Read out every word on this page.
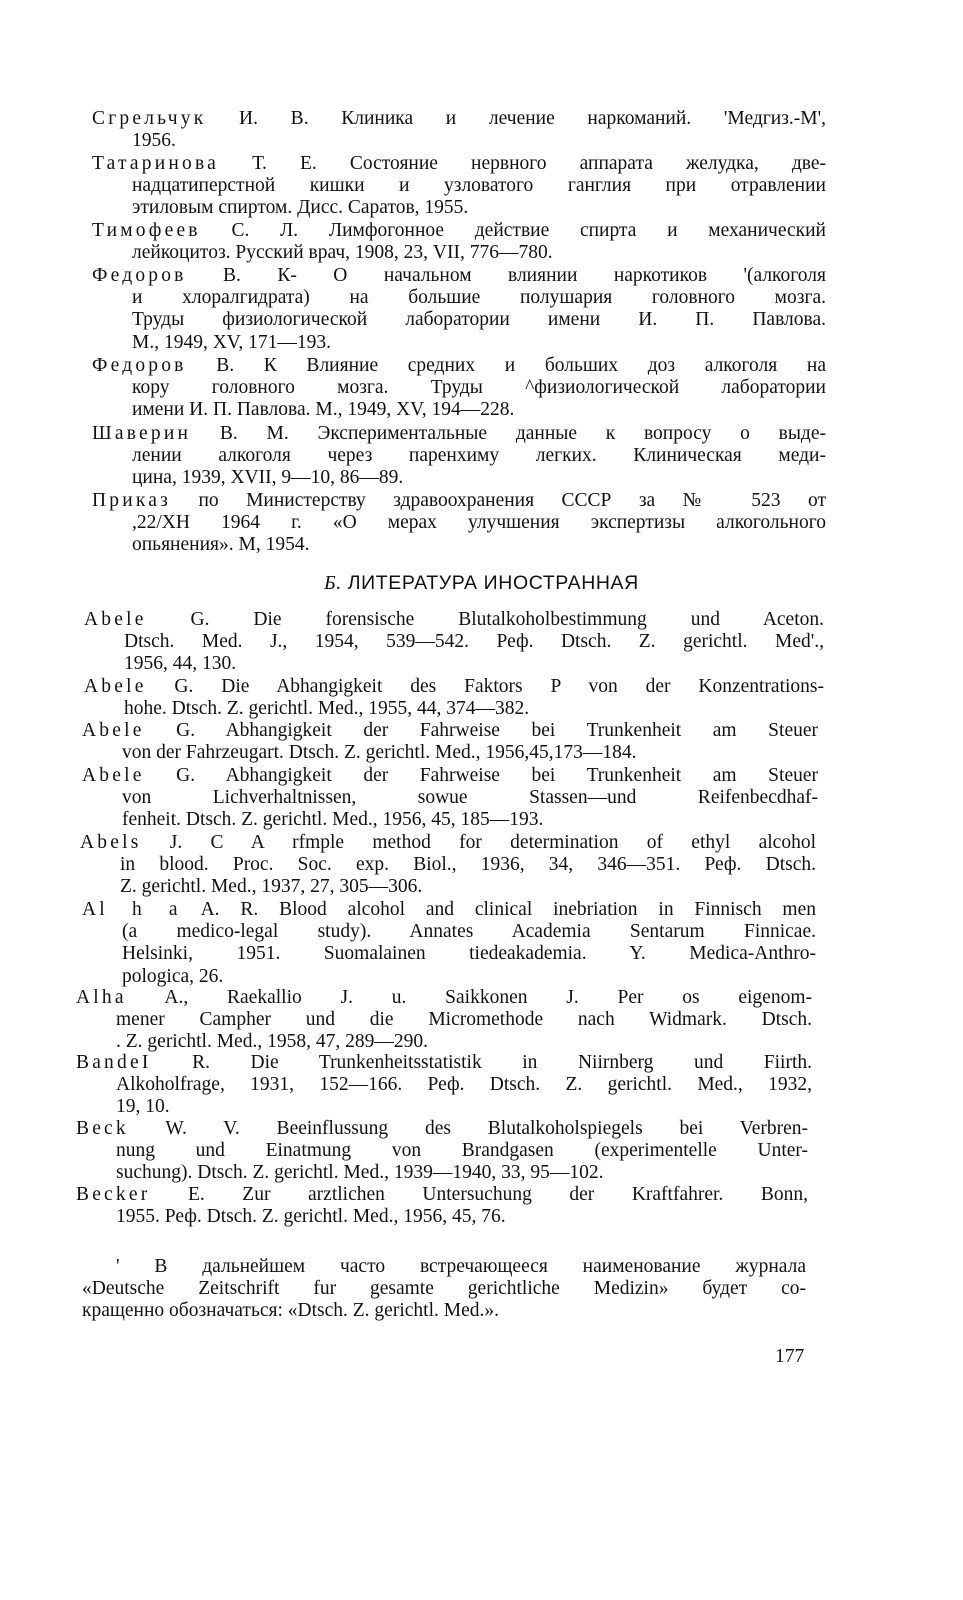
Сгрельчук И. В. Клиника и лечение наркоманий. 'Медгиз.-М',
1956.
Татаринова Т. Е. Состояние нервного аппарата желудка, две-
надцатиперстной кишки и узловатого ганглия при отравлении
этиловым спиртом. Дисс. Саратов, 1955.
Тимофеев С. Л. Лимфогонное действие спирта и механический
лейкоцитоз. Русский врач, 1908, 23, VII, 776—780.
Федоров В. К- О начальном влиянии наркотиков '(алкоголя
и хлоралгидрата) на большие полушария головного мозга.
Труды физиологической лаборатории имени И. П. Павлова.
М., 1949, XV, 171—193.
Федоров В. К Влияние средних и больших доз алкоголя на
кору головного мозга. Труды ^физиологической лаборатории
имени И. П. Павлова. М., 1949, XV, 194—228.
Шаверин В. М. Экспериментальные данные к вопросу о выде-
лении алкоголя через паренхиму легких. Клиническая меди-
цина, 1939, XVII, 9—10, 86—89.
Приказ по Министерству здравоохранения СССР за № 523 от
,22/XH 1964 г. «О мерах улучшения экспертизы алкогольного
опьянения». М, 1954.
Б. ЛИТЕРАТУРА ИНОСТРАННАЯ
Abele G. Die forensische Blutalkoholbestimmung und Aceton.
Dtsch. Med. J., 1954, 539—542. Реф. Dtsch. Z. gerichtl. Med'.,
1956, 44, 130.
Abele G. Die Abhangigkeit des Faktors P von der Konzentrations-
hohe. Dtsch. Z. gerichtl. Med., 1955, 44, 374—382.
Abele G. Abhangigkeit der Fahrweise bei Trunkenheit am Steuer
von der Fahrzeugart. Dtsch. Z. gerichtl. Med., 1956,45,173—184.
Abele G. Abhangigkeit der Fahrweise bei Trunkenheit am Steuer
von Lichverhaltnissen, sowue Stassen—und Reifenbecdhaf-
fenheit. Dtsch. Z. gerichtl. Med., 1956, 45, 185—193.
Abels J. C A rfmple method for determination of ethyl alcohol
in blood. Proc. Soc. exp. Biol., 1936, 34, 346—351. Реф. Dtsch.
Z. gerichtl. Med., 1937, 27, 305—306.
Al h a A. R. Blood alcohol and clinical inebriation in Finnisch men
(a medico-legal study). Annates Academia Sentarum Finnicae.
Helsinki, 1951. Suomalainen tiedeakademia. Y. Medica-Anthro-
pologica, 26.
Alha A., Raekallio J. u. Saikkonen J. Per os eigenom-
mener Campher und die Micromethode nach Widmark. Dtsch.
. Z. gerichtl. Med., 1958, 47, 289—290.
BandeI R. Die Trunkenheitsstatistik in Niirnberg und Fiirth.
Alkoholfrage, 1931, 152—166. Реф. Dtsch. Z. gerichtl. Med., 1932,
19, 10.
Beck W. V. Beeinflussung des Blutalkoholspiegels bei Verbren-
nung und Einatmung von Brandgasen (experimentelle Unter-
suchung). Dtsch. Z. gerichtl. Med., 1939—1940, 33, 95—102.
Becker E. Zur arztlichen Untersuchung der Kraftfahrer. Bonn,
1955. Реф. Dtsch. Z. gerichtl. Med., 1956, 45, 76.
' В дальнейшем часто встречающееся наименование журнала
«Deutsche Zeitschrift fur gesamte gerichtliche Medizin» будет со-
кращенно обозначаться: «Dtsch. Z. gerichtl. Med.».
177
